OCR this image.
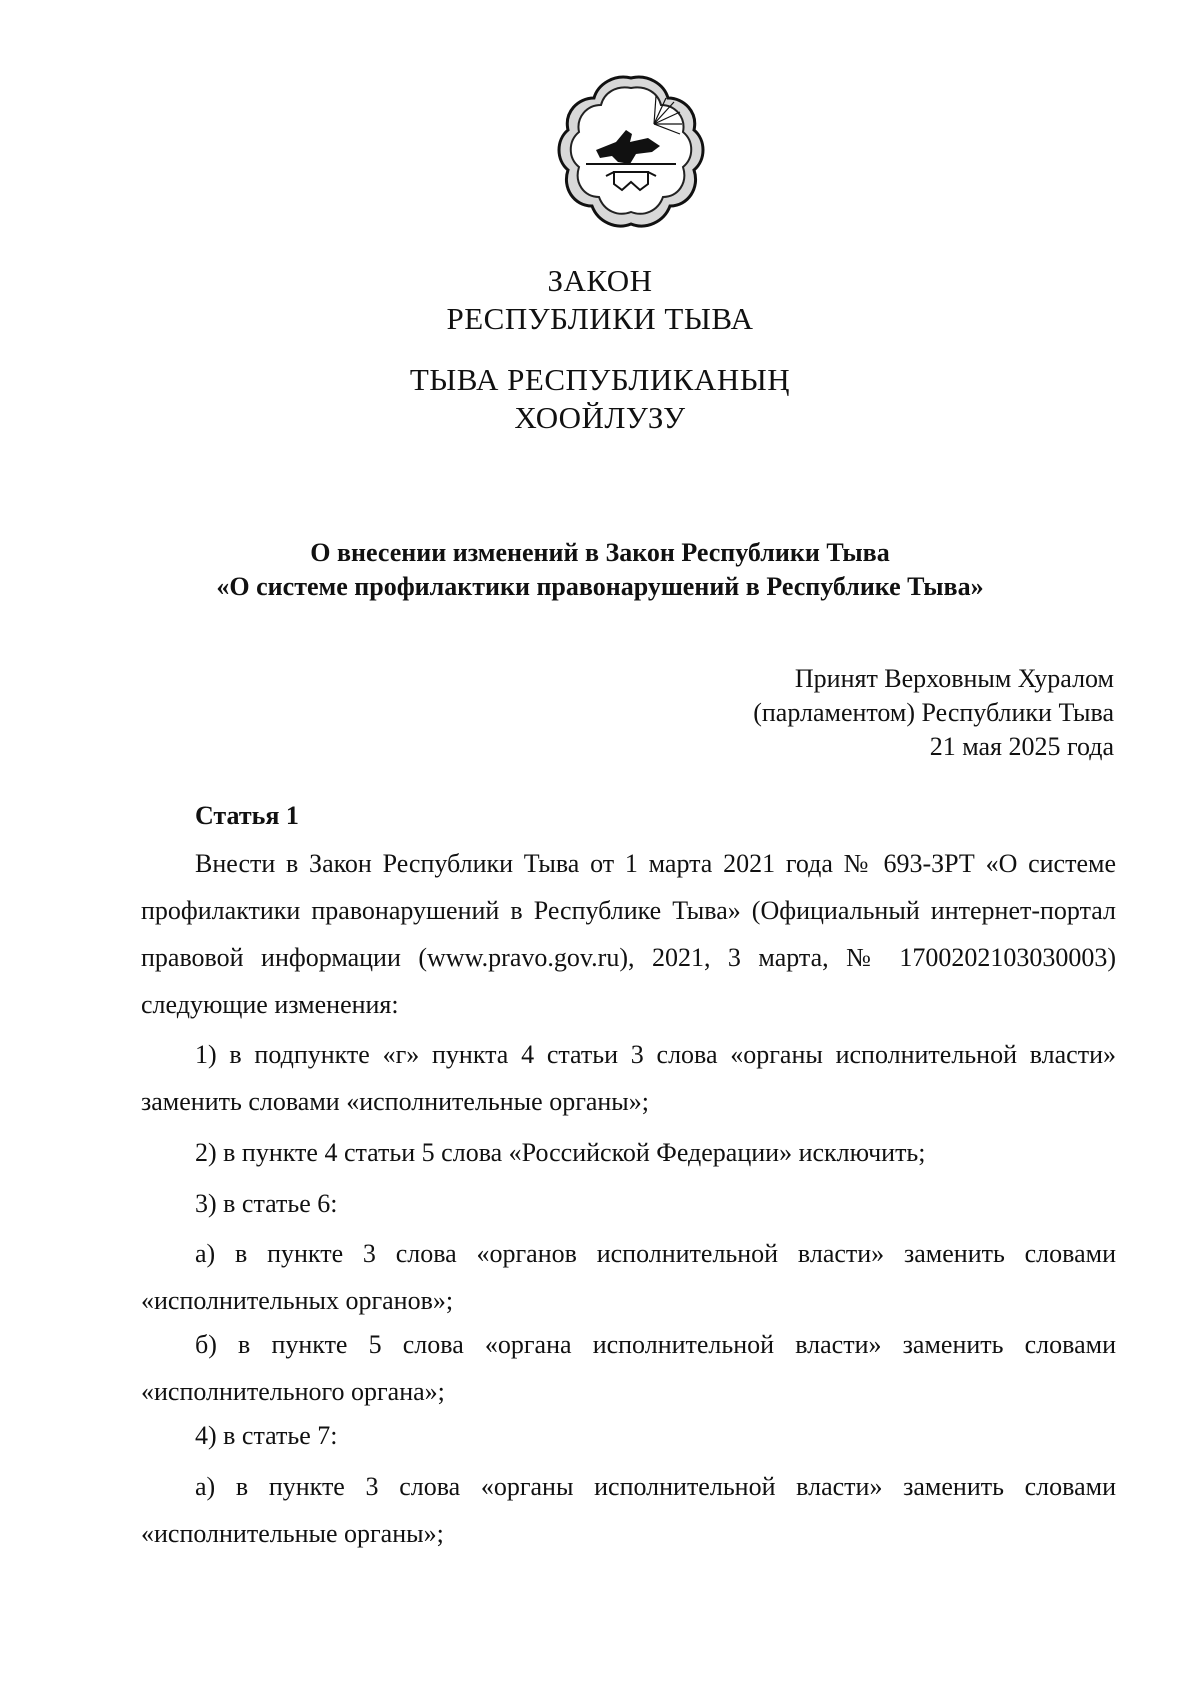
ЗАКОН
РЕСПУБЛИКИ ТЫВА
ТЫВА РЕСПУБЛИКАНЫҢ
ХООЙЛУЗУ
О внесении изменений в Закон Республики Тыва
«О системе профилактики правонарушений в Республике Тыва»
Принят Верховным Хуралом
(парламентом) Республики Тыва
21 мая 2025 года
Статья 1
Внести в Закон Республики Тыва от 1 марта 2021 года № 693-ЗРТ «О системе профилактики правонарушений в Республике Тыва» (Официальный интернет-портал правовой информации (www.pravo.gov.ru), 2021, 3 марта, № 1700202103030003) следующие изменения:
1) в подпункте «г» пункта 4 статьи 3 слова «органы исполнительной власти» заменить словами «исполнительные органы»;
2) в пункте 4 статьи 5 слова «Российской Федерации» исключить;
3) в статье 6:
а) в пункте 3 слова «органов исполнительной власти» заменить словами «исполнительных органов»;
б) в пункте 5 слова «органа исполнительной власти» заменить словами «исполнительного органа»;
4) в статье 7:
а) в пункте 3 слова «органы исполнительной власти» заменить словами «исполнительные органы»;
